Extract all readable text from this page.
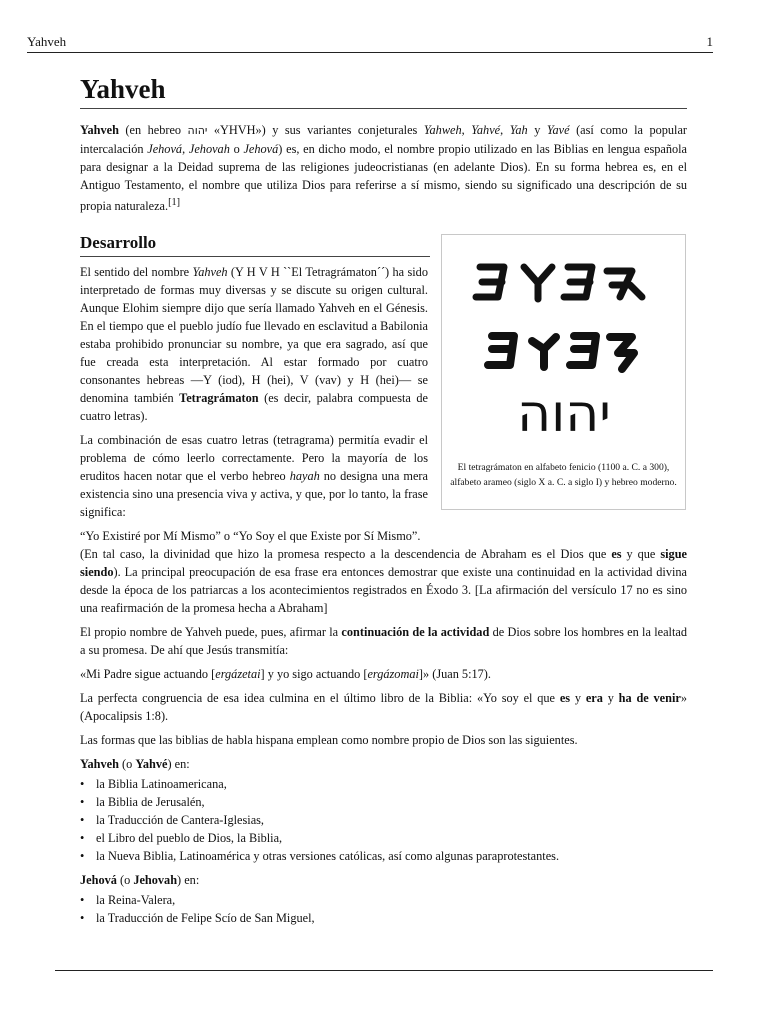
Yahveh	1
Yahveh

Yahveh (en hebreo יהוה «YHVH») y sus variantes conjeturales Yahweh, Yahvé, Yah y Yavé (así como la popular intercalación Jehová, Jehovah o Jehová) es, en dicho modo, el nombre propio utilizado en las Biblias en lengua española para designar a la Deidad suprema de las religiones judeocristianas (en adelante Dios). En su forma hebrea es, en el Antiguo Testamento, el nombre que utiliza Dios para referirse a sí mismo, siendo su significado una descripción de su propia naturaleza.[1]

Desarrollo

El sentido del nombre Yahveh (Y H V H ``El Tetragrámaton´´) ha sido interpretado de formas muy diversas y se discute su origen cultural. Aunque Elohim siempre dijo que sería llamado Yahveh en el Génesis. En el tiempo que el pueblo judío fue llevado en esclavitud a Babilonia estaba prohibido pronunciar su nombre, ya que era sagrado, así que fue creada esta interpretación. Al estar formado por cuatro consonantes hebreas —Y (iod), H (hei), V (vav) y H (hei)— se denomina también Tetragrámaton (es decir, palabra compuesta de cuatro letras).

La combinación de esas cuatro letras (tetragrama) permitía evadir el problema de cómo leerlo correctamente. Pero la mayoría de los eruditos hacen notar que el verbo hebreo hayah no designa una mera existencia sino una presencia viva y activa, y que, por lo tanto, la frase significa:

יהוה
El tetragrámaton en alfabeto fenicio (1100 a. C. a 300), alfabeto arameo (siglo X a. C. a siglo I) y hebreo moderno.

“Yo Existiré por Mí Mismo” o “Yo Soy el que Existe por Sí Mismo”.

(En tal caso, la divinidad que hizo la promesa respecto a la descendencia de Abraham es el Dios que es y que sigue siendo). La principal preocupación de esa frase era entonces demostrar que existe una continuidad en la actividad divina desde la época de los patriarcas a los acontecimientos registrados en Éxodo 3. [La afirmación del versículo 17 no es sino una reafirmación de la promesa hecha a Abraham]

El propio nombre de Yahveh puede, pues, afirmar la continuación de la actividad de Dios sobre los hombres en la lealtad a su promesa. De ahí que Jesús transmitía:

«Mi Padre sigue actuando [ergázetai] y yo sigo actuando [ergázomai]» (Juan 5:17).

La perfecta congruencia de esa idea culmina en el último libro de la Biblia: «Yo soy el que es y era y ha de venir» (Apocalipsis 1:8).

Las formas que las biblias de habla hispana emplean como nombre propio de Dios son las siguientes.

Yahveh (o Yahvé) en:

• la Biblia Latinoamericana,
• la Biblia de Jerusalén,
• la Traducción de Cantera-Iglesias,
• el Libro del pueblo de Dios, la Biblia,
• la Nueva Biblia, Latinoamérica y otras versiones católicas, así como algunas paraprotestantes.

Jehová (o Jehovah) en:

• la Reina-Valera,
• la Traducción de Felipe Scío de San Miguel,
